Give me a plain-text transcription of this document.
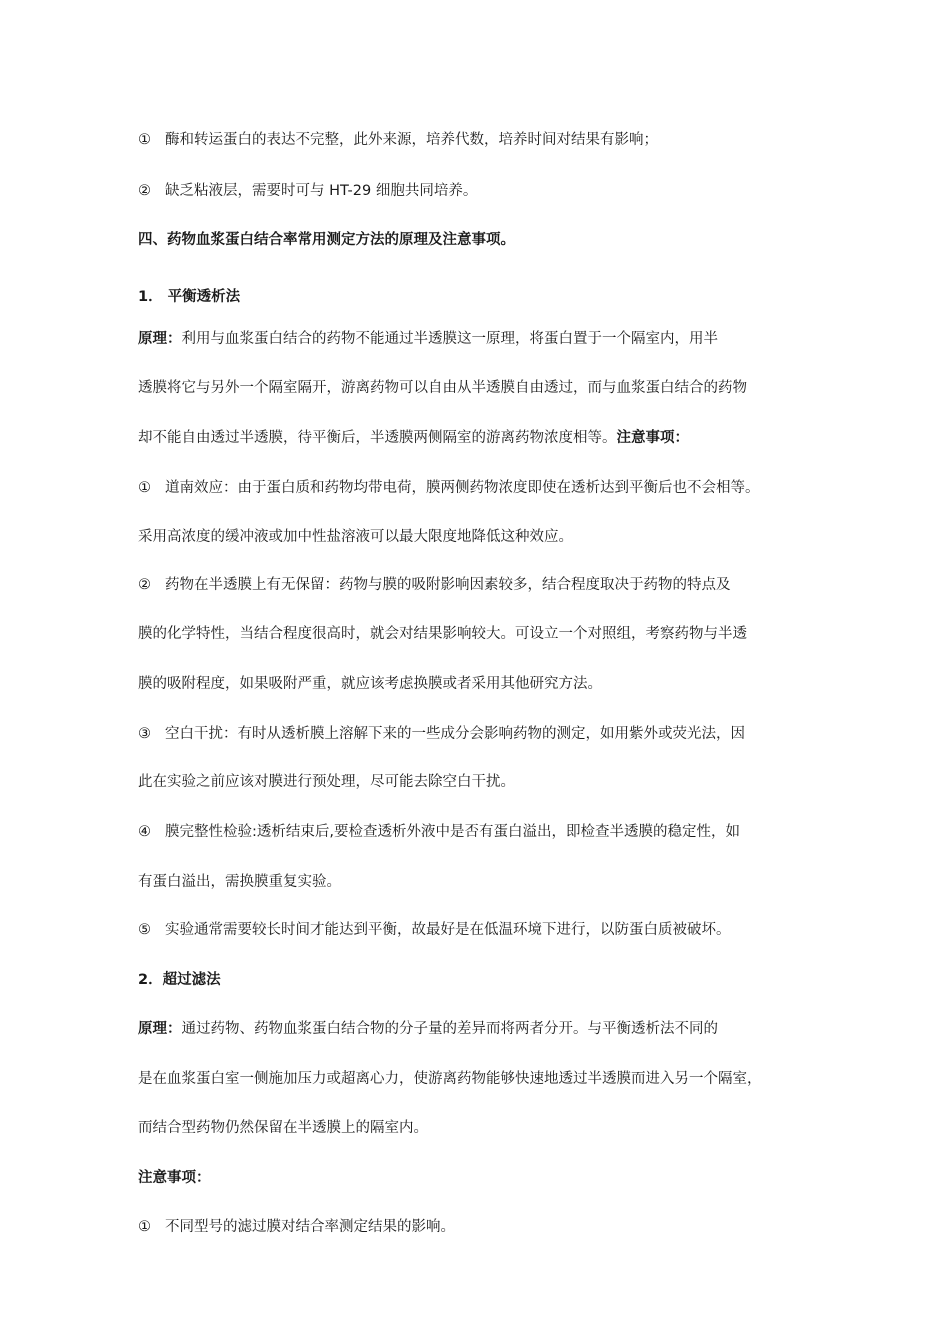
① 酶和转运蛋白的表达不完整，此外来源，培养代数，培养时间对结果有影响；
② 缺乏粘液层，需要时可与 HT-29 细胞共同培养。
四、药物血浆蛋白结合率常用测定方法的原理及注意事项。
1． 平衡透析法
原理：利用与血浆蛋白结合的药物不能通过半透膜这一原理，将蛋白置于一个隔室内，用半
透膜将它与另外一个隔室隔开，游离药物可以自由从半透膜自由透过，而与血浆蛋白结合的药物
却不能自由透过半透膜，待平衡后，半透膜两侧隔室的游离药物浓度相等。注意事项：
① 道南效应：由于蛋白质和药物均带电荷，膜两侧药物浓度即使在透析达到平衡后也不会相等。
采用高浓度的缓冲液或加中性盐溶液可以最大限度地降低这种效应。
② 药物在半透膜上有无保留：药物与膜的吸附影响因素较多，结合程度取决于药物的特点及
膜的化学特性，当结合程度很高时，就会对结果影响较大。可设立一个对照组，考察药物与半透
膜的吸附程度，如果吸附严重，就应该考虑换膜或者采用其他研究方法。
③ 空白干扰：有时从透析膜上溶解下来的一些成分会影响药物的测定，如用紫外或荧光法，因
此在实验之前应该对膜进行预处理，尽可能去除空白干扰。
④ 膜完整性检验:透析结束后,要检查透析外液中是否有蛋白溢出，即检查半透膜的稳定性，如
有蛋白溢出，需换膜重复实验。
⑤ 实验通常需要较长时间才能达到平衡，故最好是在低温环境下进行，以防蛋白质被破坏。
2．超过滤法
原理：通过药物、药物血浆蛋白结合物的分子量的差异而将两者分开。与平衡透析法不同的
是在血浆蛋白室一侧施加压力或超离心力，使游离药物能够快速地透过半透膜而进入另一个隔室，
而结合型药物仍然保留在半透膜上的隔室内。
注意事项：
① 不同型号的滤过膜对结合率测定结果的影响。
